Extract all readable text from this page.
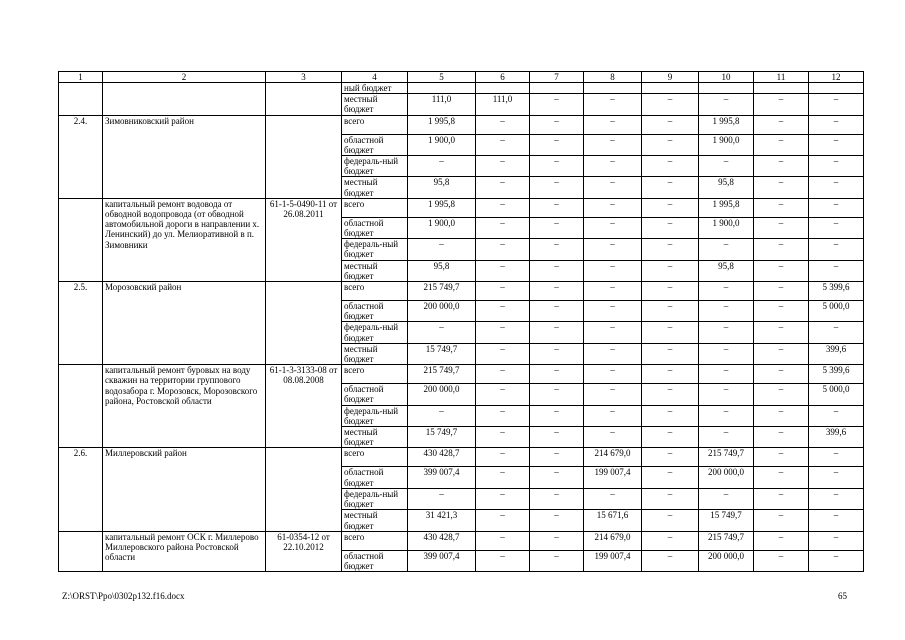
1	2	3	4	5	6	7	8	9	10	11	12
			ный бюджет								
			местный бюджет	111,0	111,0	–	–	–	–	–	–
2.4.	Зимовниковский район		всего	1 995,8	–	–	–	–	1 995,8	–	–
			областной бюджет	1 900,0	–	–	–	–	1 900,0	–	–
			федераль-ный бюджет	–	–	–	–	–	–	–	–
			местный бюджет	95,8	–	–	–	–	95,8	–	–
	капитальный ремонт водовода от обводной водопровода (от обводной автомобильной дороги в направлении х. Ленинский) до ул. Мелиоративной в п. Зимовники	61-1-5-0490-11 от 26.08.2011	всего	1 995,8	–	–	–	–	1 995,8	–	–
			областной бюджет	1 900,0	–	–	–	–	1 900,0	–	–
			федераль-ный бюджет	–	–	–	–	–	–	–	–
			местный бюджет	95,8	–	–	–	–	95,8	–	–
2.5.	Морозовский район		всего	215 749,7	–	–	–	–	–	–	5 399,6
			областной бюджет	200 000,0	–	–	–	–	–	–	5 000,0
			федераль-ный бюджет	–	–	–	–	–	–	–	–
			местный бюджет	15 749,7	–	–	–	–	–	–	399,6
	капитальный ремонт буровых на воду скважин на территории группового водозабора г. Морозовск, Морозовского района, Ростовской области	61-1-3-3133-08 от 08.08.2008	всего	215 749,7	–	–	–	–	–	–	5 399,6
			областной бюджет	200 000,0	–	–	–	–	–	–	5 000,0
			федераль-ный бюджет	–	–	–	–	–	–	–	–
			местный бюджет	15 749,7	–	–	–	–	–	–	399,6
2.6.	Миллеровский район		всего	430 428,7	–	–	214 679,0	–	215 749,7	–	–
			областной бюджет	399 007,4	–	–	199 007,4	–	200 000,0	–	–
			федераль-ный бюджет	–	–	–	–	–	–	–	–
			местный бюджет	31 421,3	–	–	15 671,6	–	15 749,7	–	–
	капитальный ремонт ОСК г. Миллерово Миллеровского района Ростовской области	61-0354-12 от 22.10.2012	всего	430 428,7	–	–	214 679,0	–	215 749,7	–	–
			областной бюджет	399 007,4	–	–	199 007,4	–	200 000,0	–	–
Z:\ORST\Ppo\0302p132.f16.docx	65
